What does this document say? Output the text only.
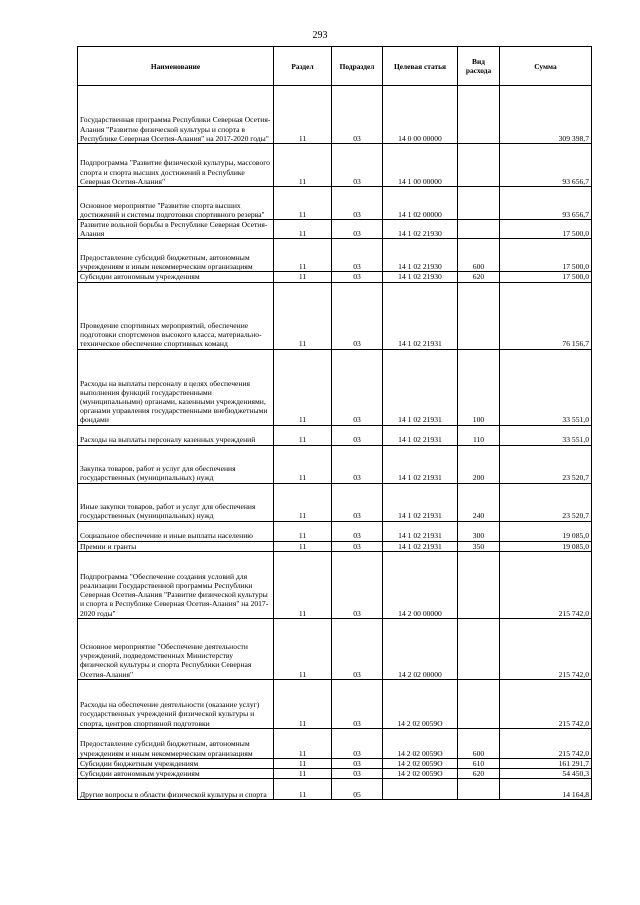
293
Наименование	Раздел	Подраздел	Целевая статья	Вид расхода	Сумма
Государственная программа Республики Северная Осетия-Алания "Развитие физической культуры и спорта в Республике Северная Осетия-Алания" на 2017-2020 годы"	11	03	14 0 00 00000		309 398,7
Подпрограмма "Развитие физической культуры, массового спорта и спорта высших достижений в Республике Северная Осетия-Алания"	11	03	14 1 00 00000		93 656,7
Основное мероприятие "Развитие спорта высших достижений и системы подготовки спортивного резерва"	11	03	14 1 02 00000		93 656,7
Развитие вольной борьбы в Республике Северная Осетия-Алания	11	03	14 1 02 21930		17 500,0
Предоставление субсидий бюджетным, автономным учреждениям и иным некоммерческим организациям	11	03	14 1 02 21930	600	17 500,0
Субсидии автономным учреждениям	11	03	14 1 02 21930	620	17 500,0
Проведение спортивных мероприятий, обеспечение подготовки спортсменов высокого класса, материально-техническое обеспечение спортивных команд	11	03	14 1 02 21931		76 156,7
Расходы на выплаты персоналу в целях обеспечения выполнения функций государственными (муниципальными) органами, казенными учреждениями, органами управления государственными внебюджетными фондами	11	03	14 1 02 21931	100	33 551,0
Расходы на выплаты персоналу казенных учреждений	11	03	14 1 02 21931	110	33 551,0
Закупка товаров, работ и услуг для обеспечения государственных (муниципальных) нужд	11	03	14 1 02 21931	200	23 520,7
Иные закупки товаров, работ и услуг для обеспечения государственных (муниципальных) нужд	11	03	14 1 02 21931	240	23 520,7
Социальное обеспечение и иные выплаты населению	11	03	14 1 02 21931	300	19 085,0
Премии и гранты	11	03	14 1 02 21931	350	19 085,0
Подпрограмма "Обеспечение создания условий для реализации Государственной программы Республики Северная Осетия-Алания "Развитие физической культуры и спорта в Республике Северная Осетия-Алания" на 2017-2020 годы"	11	03	14 2 00 00000		215 742,0
Основное мероприятие "Обеспечение деятельности учреждений, подведомственных Министерству физической культуры и спорта Республики Северная Осетия-Алания"	11	03	14 2 02 00000		215 742,0
Расходы на обеспечение деятельности (оказание услуг) государственных учреждений физической культуры и спорта, центров спортивной подготовки	11	03	14 2 02 0059О		215 742,0
Предоставление субсидий бюджетным, автономным учреждениям и иным некоммерческим организациям	11	03	14 2 02 0059О	600	215 742,0
Субсидии бюджетным учреждениям	11	03	14 2 02 0059О	610	161 291,7
Субсидии автономным учреждениям	11	03	14 2 02 0059О	620	54 450,3
Другие вопросы в области физической культуры и спорта	11	05			14 164,8
